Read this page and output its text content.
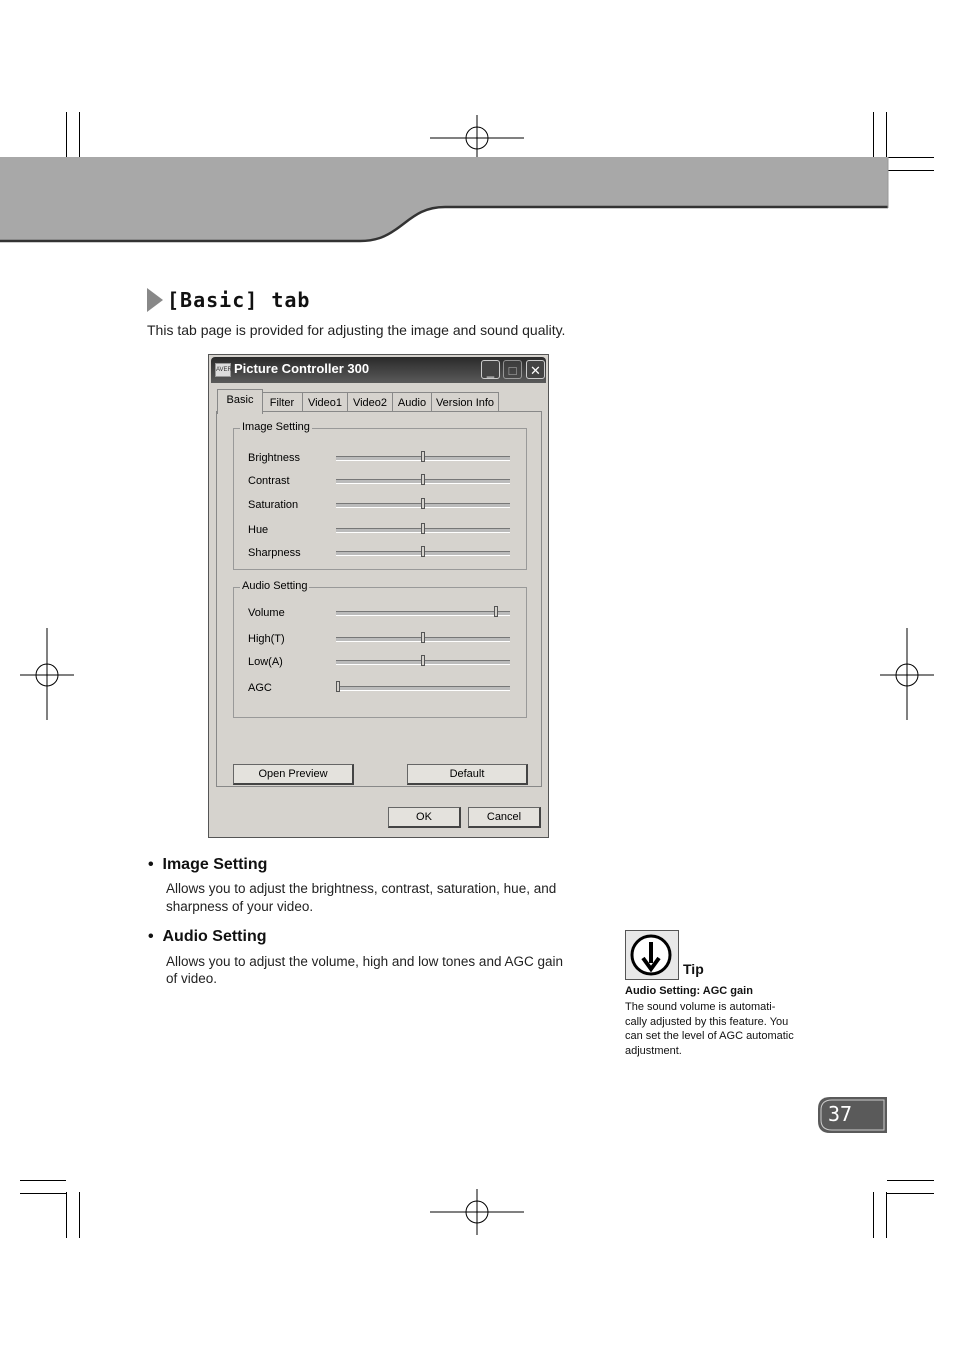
[Basic] tab
This tab page is provided for adjusting the image and sound quality.
AVER Picture Controller 300	_	□	✕
Basic	Filter	Video1 Video2 Audio Version Info
Image Setting
Brightness
Contrast
Saturation
Hue
Sharpness
Audio Setting
Volume
High(T)
Low(A)
AGC
Open Preview	Default
OK	Cancel
•  Image Setting
Allows you to adjust the brightness, contrast, saturation, hue, and
sharpness of your video.
•  Audio Setting
Allows you to adjust the volume, high and low tones and AGC gain
of video.
Tip
Audio Setting: AGC gain
The sound volume is automati-
cally adjusted by this feature. You
can set the level of AGC automatic
adjustment.
37
